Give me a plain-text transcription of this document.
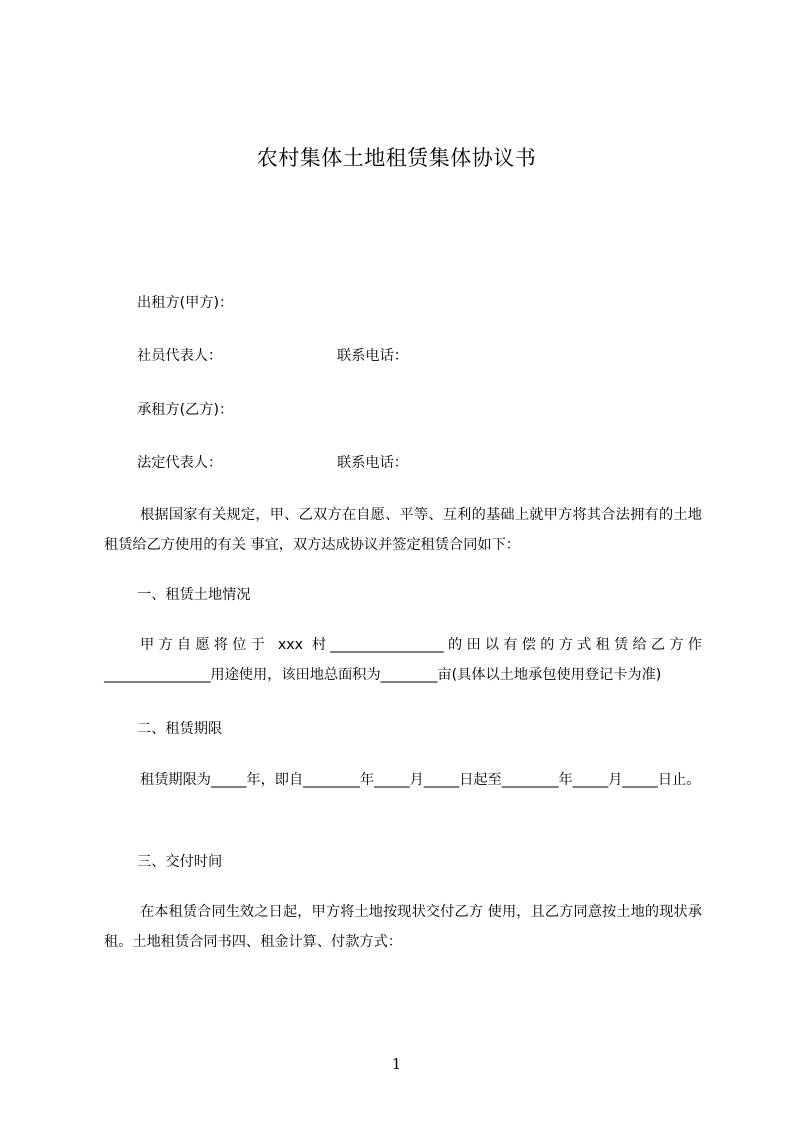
农村集体土地租赁集体协议书
出租方(甲方)：
社员代表人：	联系电话：
承租方(乙方)：
法定代表人：	联系电话：
根据国家有关规定，甲、乙双方在自愿、平等、互利的基础上就甲方将其合法拥有的土地租赁给乙方使用的有关 事宜，双方达成协议并签定租赁合同如下：
一、租赁土地情况
甲方自愿将位于 xxx 村________________的田以有偿的方式租赁给乙方作_______________用途使用，该田地总面积为________亩(具体以土地承包使用登记卡为准)
二、租赁期限
租赁期限为_____年，即自________年_____月_____日起至________年_____月_____日止。
三、交付时间
在本租赁合同生效之日起，甲方将土地按现状交付乙方 使用，且乙方同意按土地的现状承租。土地租赁合同书四、租金计算、付款方式：
1
